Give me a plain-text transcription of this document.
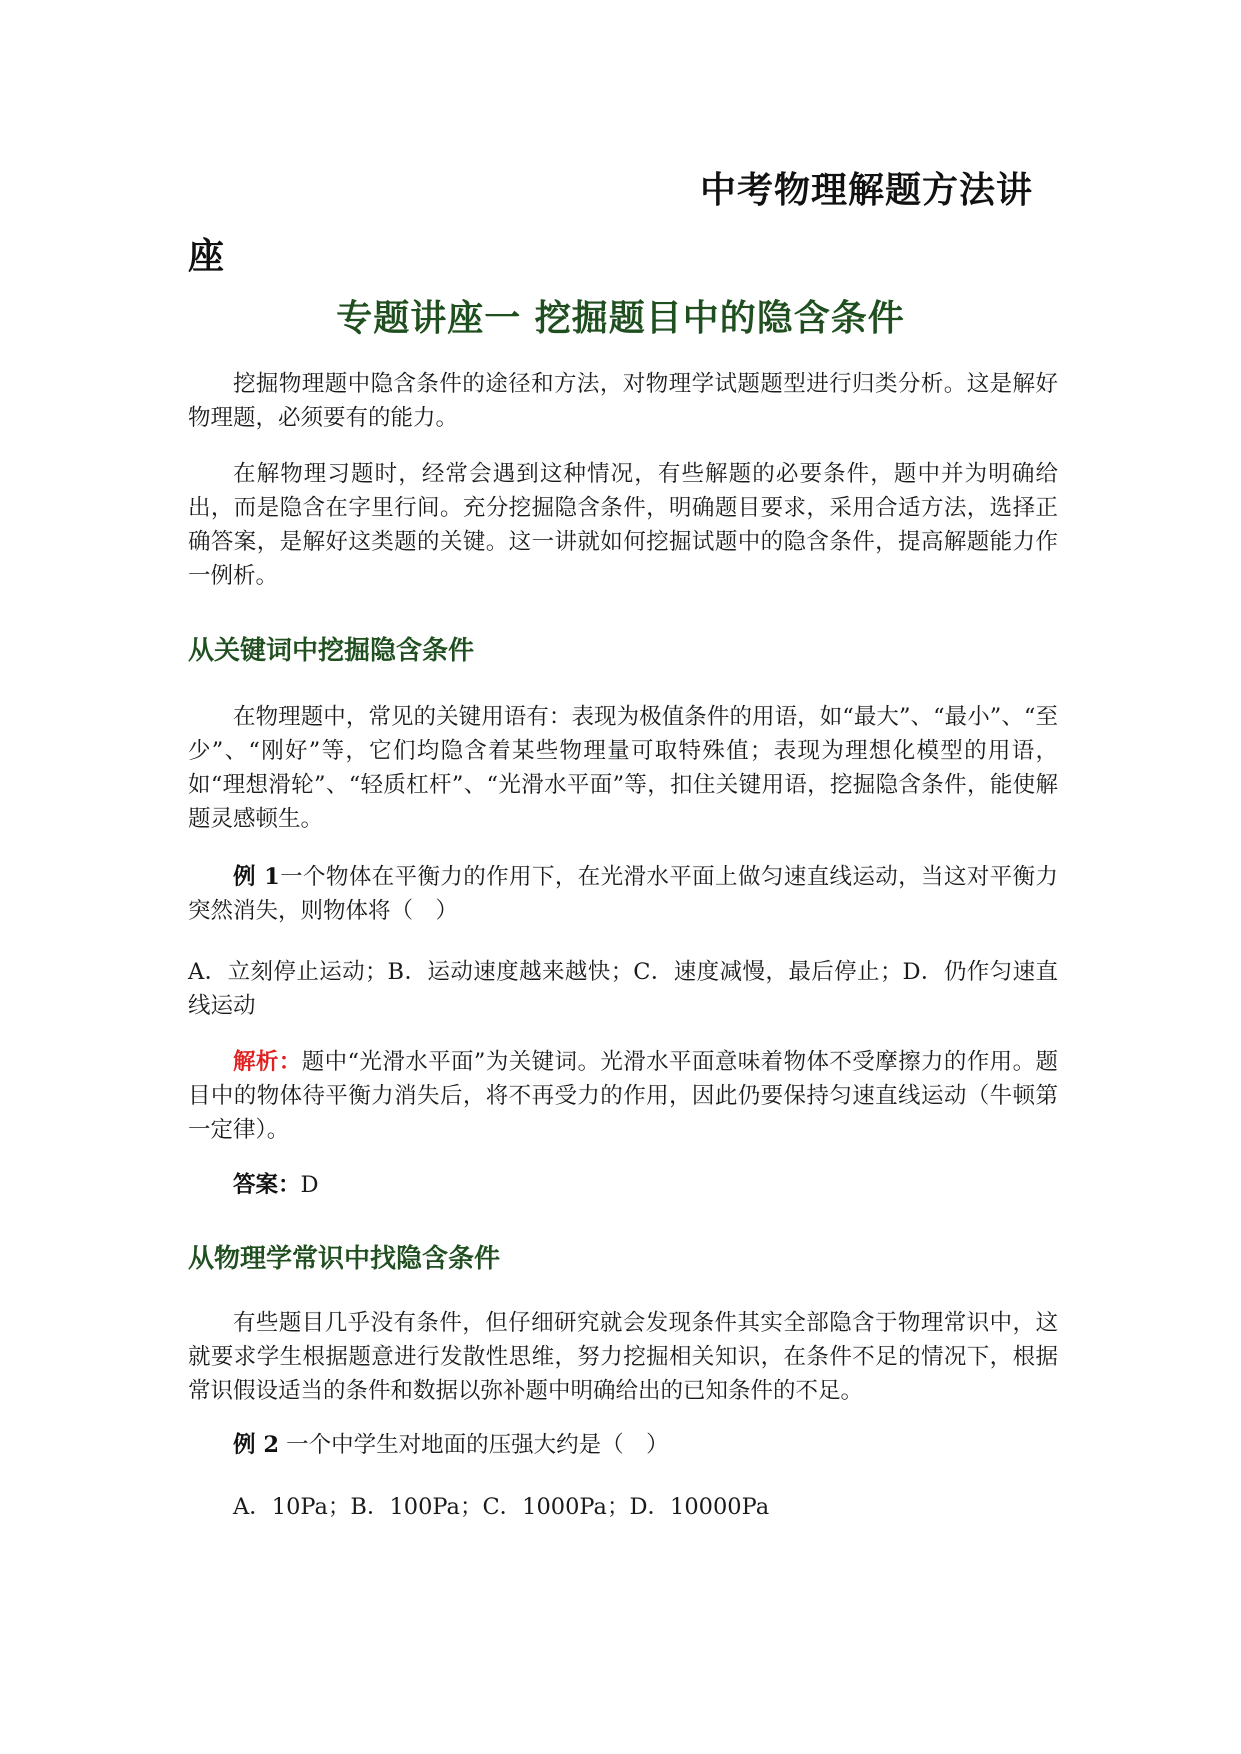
中考物理解题方法讲
座
专题讲座一 挖掘题目中的隐含条件

挖掘物理题中隐含条件的途径和方法，对物理学试题题型进行归类分析。这是解好物理题，必须要有的能力。

在解物理习题时，经常会遇到这种情况，有些解题的必要条件，题中并为明确给出，而是隐含在字里行间。充分挖掘隐含条件，明确题目要求，采用合适方法，选择正确答案，是解好这类题的关键。这一讲就如何挖掘试题中的隐含条件，提高解题能力作一例析。

从关键词中挖掘隐含条件

在物理题中，常见的关键用语有：表现为极值条件的用语，如“最大”、“最小”、“至少”、“刚好”等，它们均隐含着某些物理量可取特殊值；表现为理想化模型的用语，如“理想滑轮”、“轻质杠杆”、“光滑水平面”等，扣住关键用语，挖掘隐含条件，能使解题灵感顿生。

例 1一个物体在平衡力的作用下，在光滑水平面上做匀速直线运动，当这对平衡力突然消失，则物体将（　）

A．立刻停止运动；B．运动速度越来越快；C．速度减慢，最后停止；D．仍作匀速直线运动

解析：题中“光滑水平面”为关键词。光滑水平面意味着物体不受摩擦力的作用。题目中的物体待平衡力消失后，将不再受力的作用，因此仍要保持匀速直线运动（牛顿第一定律）。

答案：D

从物理学常识中找隐含条件

有些题目几乎没有条件，但仔细研究就会发现条件其实全部隐含于物理常识中，这就要求学生根据题意进行发散性思维，努力挖掘相关知识，在条件不足的情况下，根据常识假设适当的条件和数据以弥补题中明确给出的已知条件的不足。

例 2 一个中学生对地面的压强大约是（　）

A．10Pa；B．100Pa；C．1000Pa；D．10000Pa
